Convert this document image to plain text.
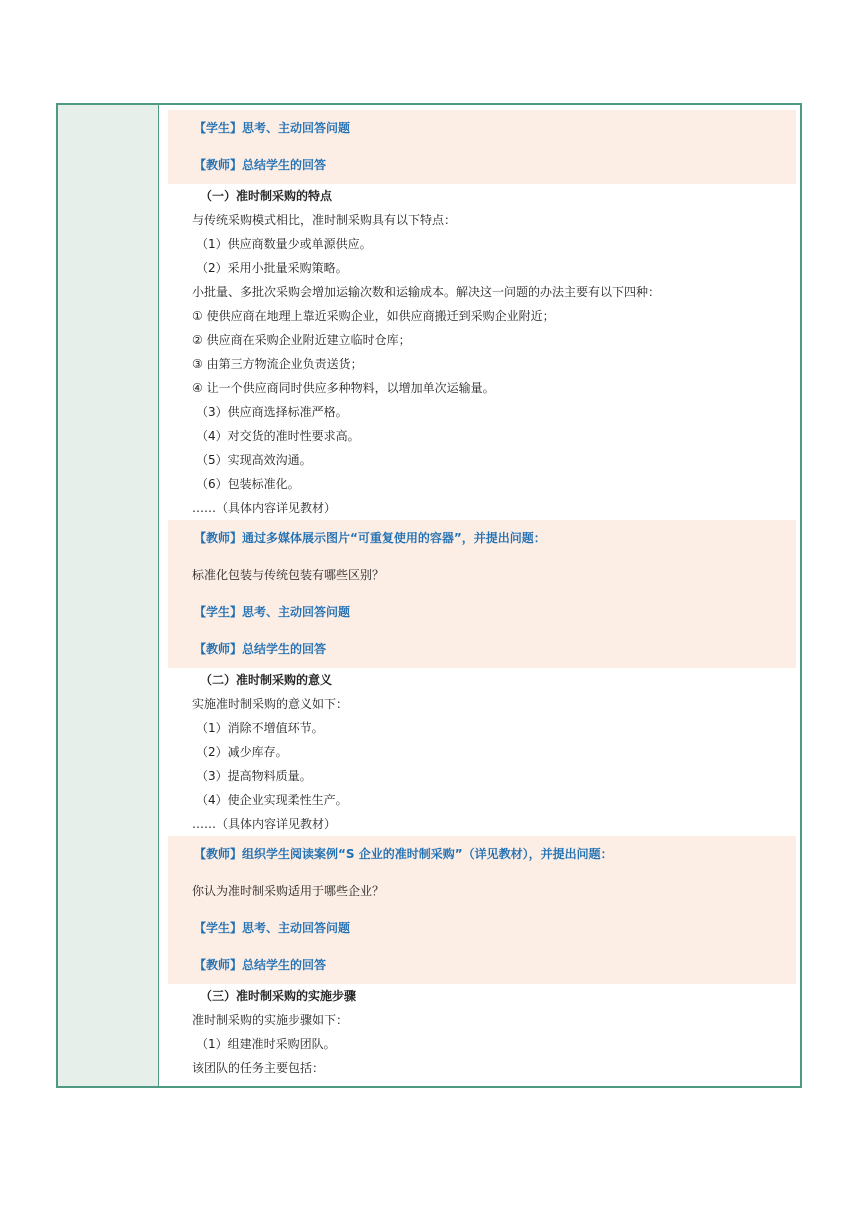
【学生】思考、主动回答问题
【教师】总结学生的回答
（一）准时制采购的特点
与传统采购模式相比，准时制采购具有以下特点：
（1）供应商数量少或单源供应。
（2）采用小批量采购策略。
小批量、多批次采购会增加运输次数和运输成本。解决这一问题的办法主要有以下四种：
① 使供应商在地理上靠近采购企业，如供应商搬迁到采购企业附近；
② 供应商在采购企业附近建立临时仓库；
③ 由第三方物流企业负责送货；
④ 让一个供应商同时供应多种物料，以增加单次运输量。
（3）供应商选择标准严格。
（4）对交货的准时性要求高。
（5）实现高效沟通。
（6）包装标准化。
……（具体内容详见教材）
【教师】通过多媒体展示图片“可重复使用的容器”，并提出问题：
标准化包装与传统包装有哪些区别？
【学生】思考、主动回答问题
【教师】总结学生的回答
（二）准时制采购的意义
实施准时制采购的意义如下：
（1）消除不增值环节。
（2）减少库存。
（3）提高物料质量。
（4）使企业实现柔性生产。
……（具体内容详见教材）
【教师】组织学生阅读案例“S 企业的准时制采购”（详见教材），并提出问题：
你认为准时制采购适用于哪些企业？
【学生】思考、主动回答问题
【教师】总结学生的回答
（三）准时制采购的实施步骤
准时制采购的实施步骤如下：
（1）组建准时采购团队。
该团队的任务主要包括：
